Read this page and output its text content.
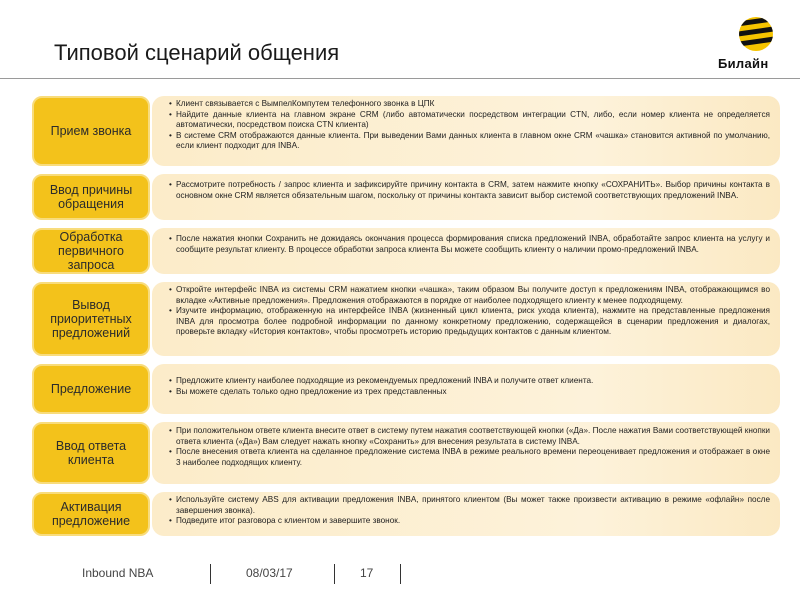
Типовой сценарий общения	Билайн
Прием звонка
• Клиент связывается с ВымпелКомпутем телефонного звонка в ЦПК
• Найдите данные клиента на главном экране CRM (либо автоматически посредством интеграции CTN, либо, если номер клиента не определяется автоматически, посредством поиска CTN клиента)
• В системе CRM отображаются данные клиента. При выведении Вами данных клиента в главном окне CRM «чашка» становится активной по умолчанию, если клиент подходит для INBA.
Ввод причины обращения
• Рассмотрите потребность / запрос клиента и зафиксируйте причину контакта в CRM, затем нажмите кнопку «СОХРАНИТЬ». Выбор причины контакта в основном окне CRM является обязательным шагом, поскольку от причины контакта зависит выбор системой соответствующих предложений INBA.
Обработка первичного запроса
• После нажатия кнопки Сохранить не дожидаясь окончания процесса формирования списка предложений INBA, обработайте запрос клиента на услугу и сообщите результат клиенту. В процессе обработки запроса клиента Вы можете сообщить клиенту о наличии промо-предложений INBA.
Вывод приоритетных предложений
• Откройте интерфейс INBA из системы CRM нажатием кнопки «чашка», таким образом Вы получите доступ к предложениям INBA, отображающимся во вкладке «Активные предложения». Предложения отображаются в порядке от наиболее подходящего клиенту к менее подходящему.
• Изучите информацию, отображенную на интерфейсе INBA (жизненный цикл клиента, риск ухода клиента), нажмите на представленные предложения INBA для просмотра более подробной информации по данному конкретному предложению, содержащейся в сценарии предложения и диалогах, проверьте вкладку «История контактов», чтобы просмотреть историю предыдущих контактов с данным клиентом.
Предложение
• Предложите клиенту наиболее подходящие из рекомендуемых предложений INBA и получите ответ клиента.
• Вы можете сделать только одно предложение из трех представленных
Ввод ответа клиента
• При положительном ответе клиента внесите ответ в систему путем нажатия соответствующей кнопки («Да». После нажатия Вами соответствующей кнопки ответа клиента («Да») Вам следует нажать кнопку «Сохранить» для внесения результата в систему INBA.
• После внесения ответа клиента на сделанное предложение система INBA в режиме реального времени переоценивает предложения и отображает в окне 3 наиболее подходящих клиенту.
Активация предложение
• Используйте систему ABS для активации предложения INBA, принятого клиентом (Вы может также произвести активацию в режиме «офлайн» после завершения звонка).
• Подведите итог разговора с клиентом и завершите звонок.
Inbound NBA	08/03/17	17
